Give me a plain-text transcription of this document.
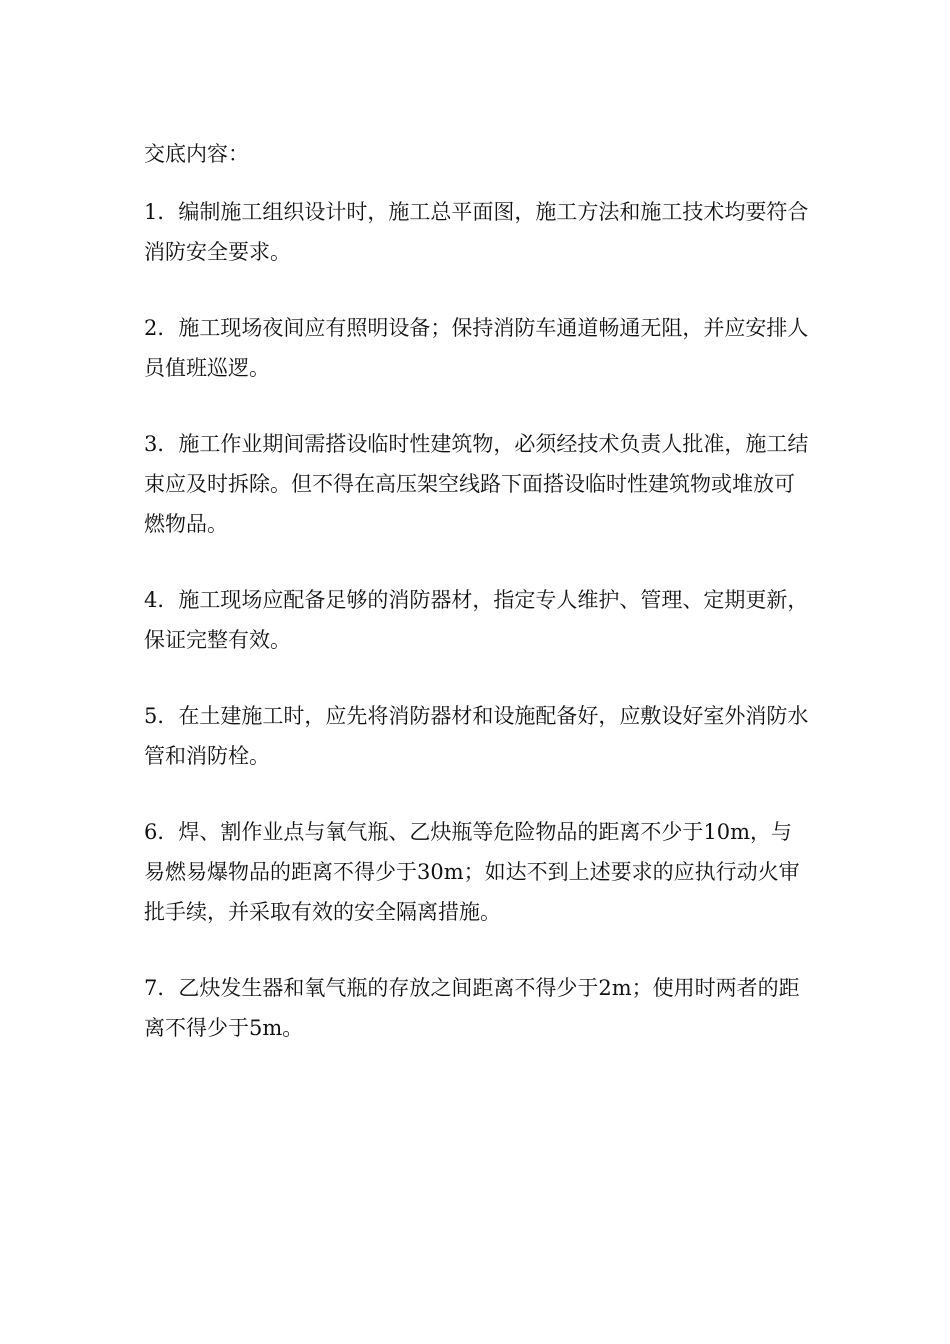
交底内容：

1．编制施工组织设计时，施工总平面图，施工方法和施工技术均要符合消防安全要求。

2．施工现场夜间应有照明设备；保持消防车通道畅通无阻，并应安排人员值班巡逻。

3．施工作业期间需搭设临时性建筑物，必须经技术负责人批准，施工结束应及时拆除。但不得在高压架空线路下面搭设临时性建筑物或堆放可燃物品。

4．施工现场应配备足够的消防器材，指定专人维护、管理、定期更新，保证完整有效。

5．在土建施工时，应先将消防器材和设施配备好，应敷设好室外消防水管和消防栓。

6．焊、割作业点与氧气瓶、乙炔瓶等危险物品的距离不少于10m，与易燃易爆物品的距离不得少于30m；如达不到上述要求的应执行动火审批手续，并采取有效的安全隔离措施。

7．乙炔发生器和氧气瓶的存放之间距离不得少于2m；使用时两者的距离不得少于5m。
